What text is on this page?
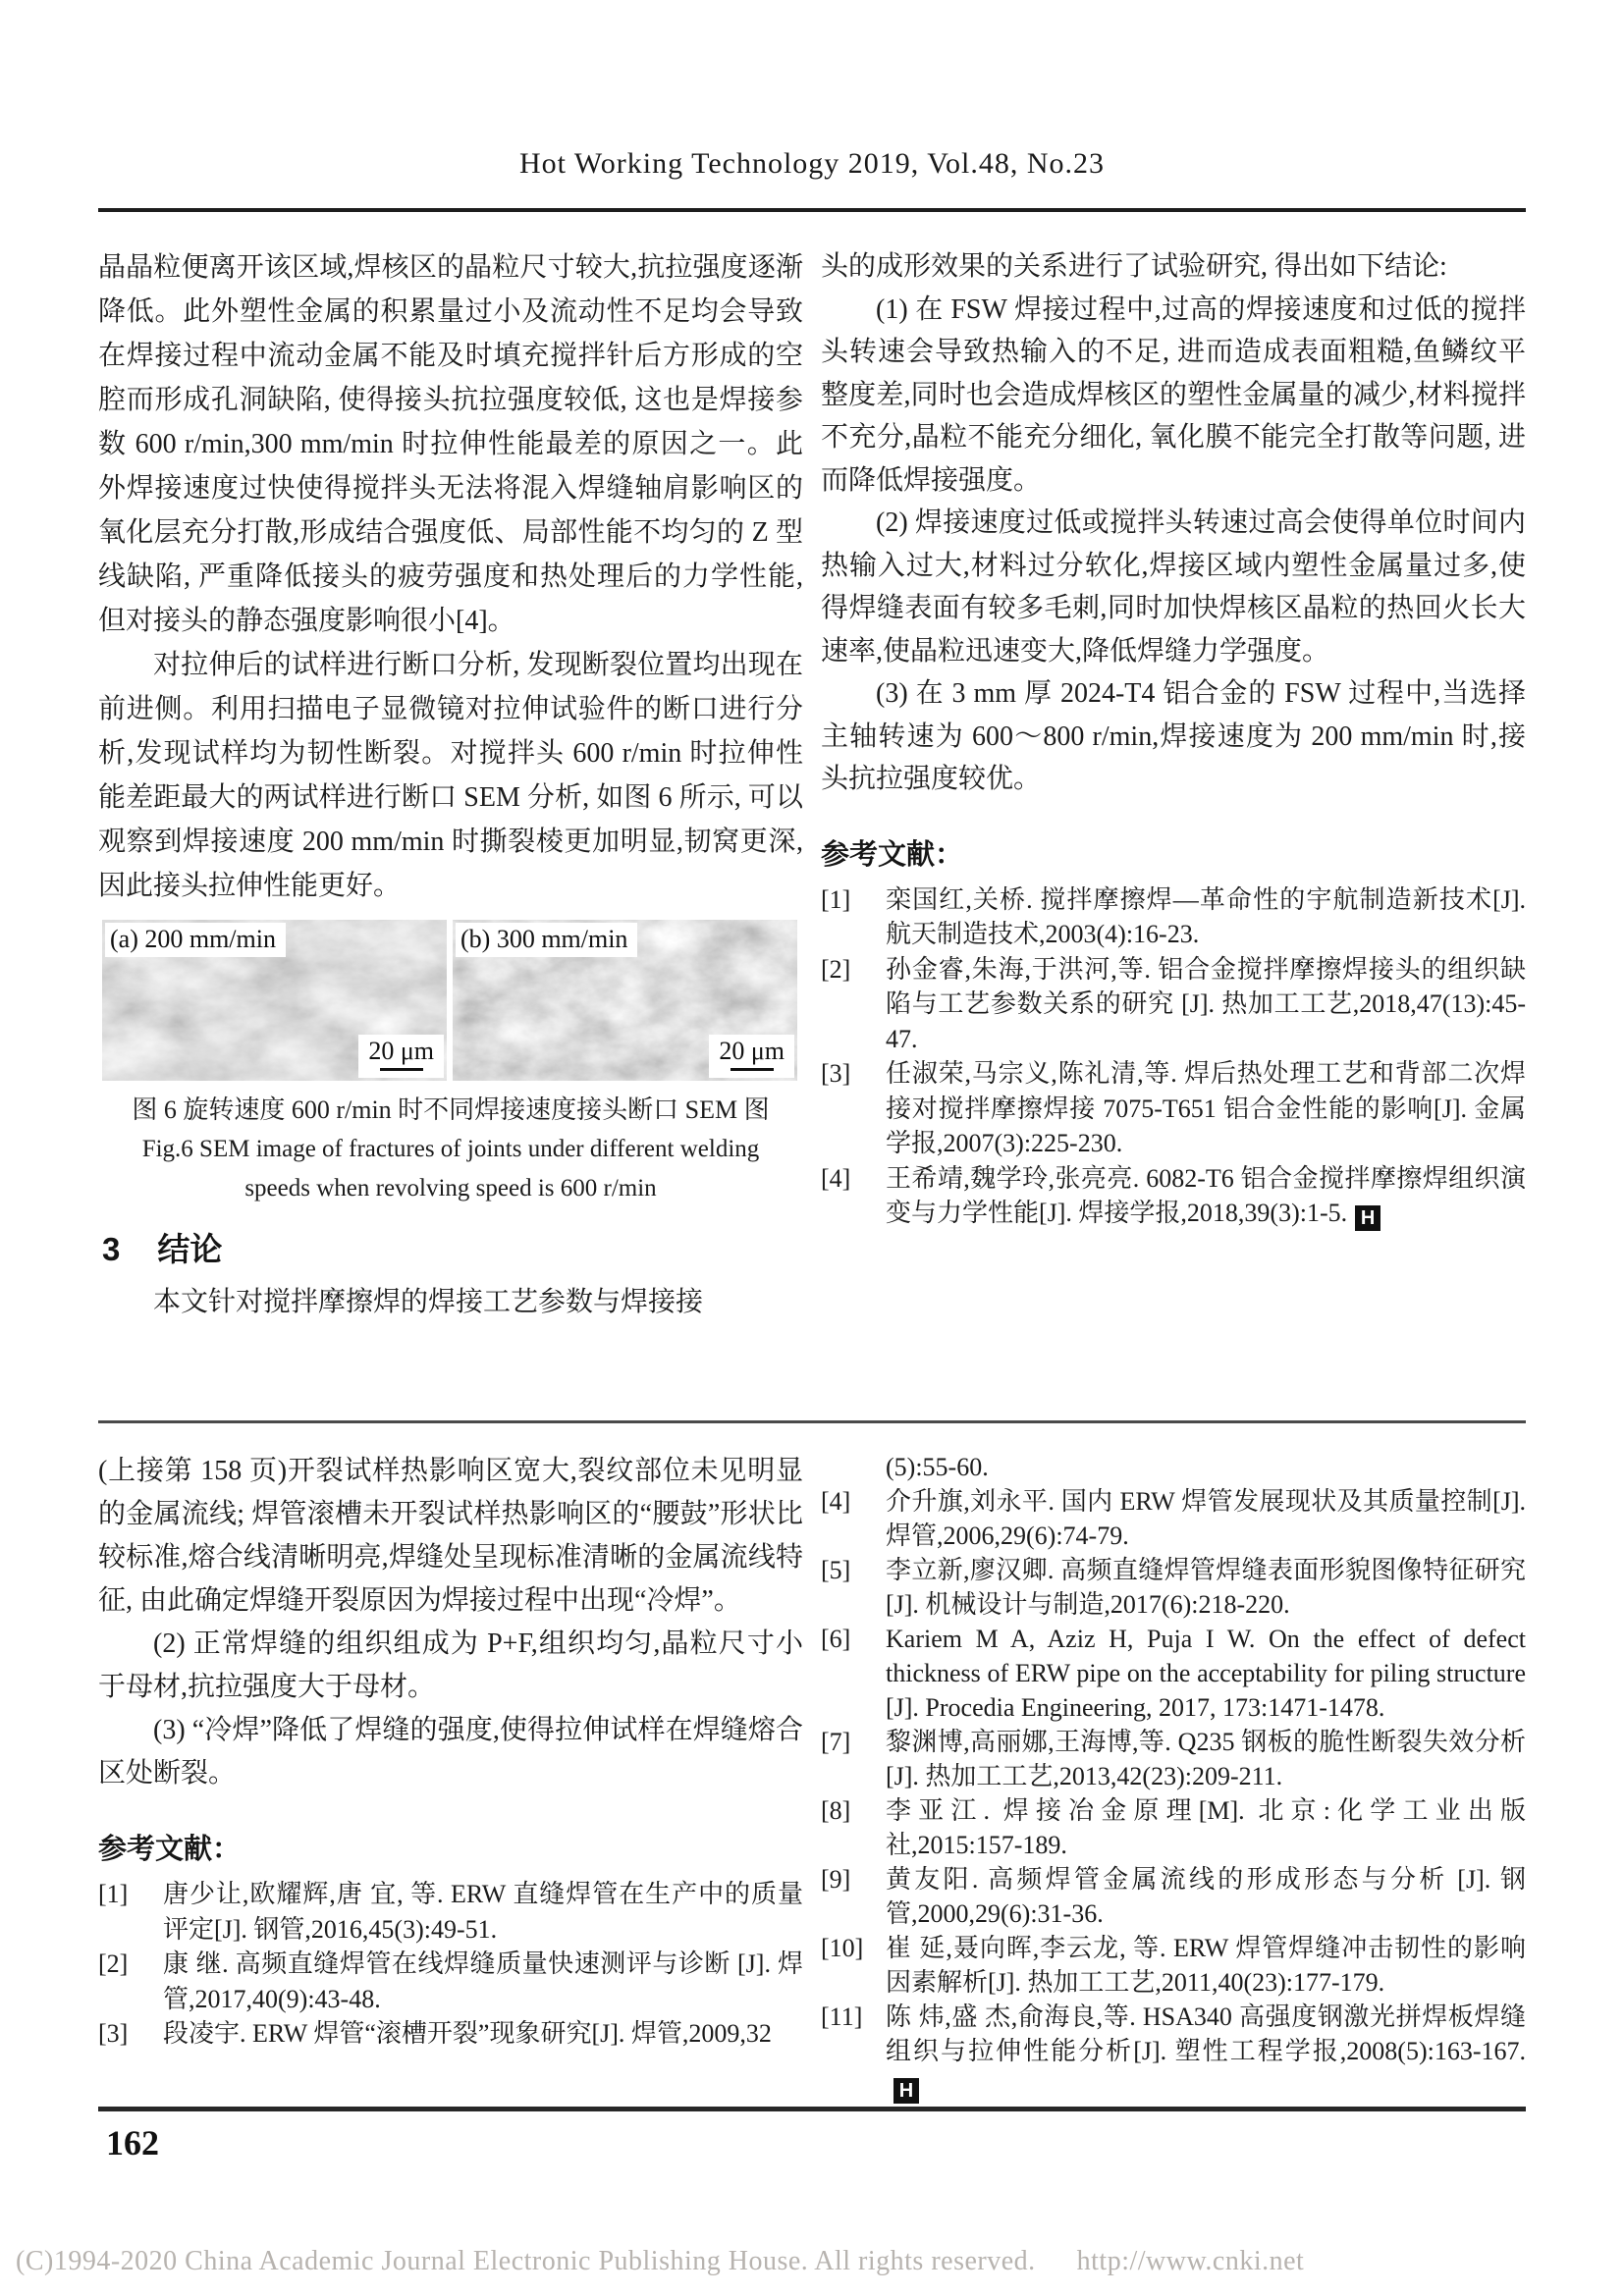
Hot Working Technology 2019, Vol.48, No.23

晶晶粒便离开该区域,焊核区的晶粒尺寸较大,抗拉强度逐渐降低。此外塑性金属的积累量过小及流动性不足均会导致在焊接过程中流动金属不能及时填充搅拌针后方形成的空腔而形成孔洞缺陷, 使得接头抗拉强度较低, 这也是焊接参数 600 r/min,300 mm/min 时拉伸性能最差的原因之一。此外焊接速度过快使得搅拌头无法将混入焊缝轴肩影响区的氧化层充分打散,形成结合强度低、局部性能不均匀的 Z 型线缺陷, 严重降低接头的疲劳强度和热处理后的力学性能,但对接头的静态强度影响很小[4]。

对拉伸后的试样进行断口分析, 发现断裂位置均出现在前进侧。利用扫描电子显微镜对拉伸试验件的断口进行分析,发现试样均为韧性断裂。对搅拌头 600 r/min 时拉伸性能差距最大的两试样进行断口 SEM 分析, 如图 6 所示, 可以观察到焊接速度 200 mm/min 时撕裂棱更加明显,韧窝更深,因此接头拉伸性能更好。

(a) 200 mm/min
20 μm
(b) 300 mm/min
20 μm
图 6 旋转速度 600 r/min 时不同焊接速度接头断口 SEM 图
Fig.6 SEM image of fractures of joints under different welding
speeds when revolving speed is 600 r/min
3 结论

本文针对搅拌摩擦焊的焊接工艺参数与焊接接

头的成形效果的关系进行了试验研究, 得出如下结论:

(1) 在 FSW 焊接过程中,过高的焊接速度和过低的搅拌头转速会导致热输入的不足, 进而造成表面粗糙,鱼鳞纹平整度差,同时也会造成焊核区的塑性金属量的减少,材料搅拌不充分,晶粒不能充分细化, 氧化膜不能完全打散等问题, 进而降低焊接强度。

(2) 焊接速度过低或搅拌头转速过高会使得单位时间内热输入过大,材料过分软化,焊接区域内塑性金属量过多,使得焊缝表面有较多毛刺,同时加快焊核区晶粒的热回火长大速率,使晶粒迅速变大,降低焊缝力学强度。

(3) 在 3 mm 厚 2024-T4 铝合金的 FSW 过程中,当选择主轴转速为 600～800 r/min,焊接速度为 200 mm/min 时,接头抗拉强度较优。

参考文献：

[1] 栾国红,关桥. 搅拌摩擦焊—革命性的宇航制造新技术[J]. 航天制造技术,2003(4):16-23.

[2] 孙金睿,朱海,于洪河,等. 铝合金搅拌摩擦焊接头的组织缺陷与工艺参数关系的研究 [J]. 热加工工艺,2018,47(13):45-47.

[3] 任淑荣,马宗义,陈礼清,等. 焊后热处理工艺和背部二次焊接对搅拌摩擦焊接 7075-T651 铝合金性能的影响[J]. 金属学报,2007(3):225-230.

[4] 王希靖,魏学玲,张亮亮. 6082-T6 铝合金搅拌摩擦焊组织演变与力学性能[J]. 焊接学报,2018,39(3):1-5. H

(上接第 158 页)开裂试样热影响区宽大,裂纹部位未见明显的金属流线; 焊管滚槽未开裂试样热影响区的“腰鼓”形状比较标准,熔合线清晰明亮,焊缝处呈现标准清晰的金属流线特征, 由此确定焊缝开裂原因为焊接过程中出现“冷焊”。

(2) 正常焊缝的组织组成为 P+F,组织均匀,晶粒尺寸小于母材,抗拉强度大于母材。

(3) “冷焊”降低了焊缝的强度,使得拉伸试样在焊缝熔合区处断裂。

参考文献：

[1] 唐少让,欧耀辉,唐 宜, 等. ERW 直缝焊管在生产中的质量评定[J]. 钢管,2016,45(3):49-51.

[2] 康 继. 高频直缝焊管在线焊缝质量快速测评与诊断 [J]. 焊管,2017,40(9):43-48.

[3] 段凌宇. ERW 焊管“滚槽开裂”现象研究[J]. 焊管,2009,32

(5):55-60.

[4] 介升旗,刘永平. 国内 ERW 焊管发展现状及其质量控制[J]. 焊管,2006,29(6):74-79.

[5] 李立新,廖汉卿. 高频直缝焊管焊缝表面形貌图像特征研究[J]. 机械设计与制造,2017(6):218-220.

[6] Kariem M A, Aziz H, Puja I W. On the effect of defect thickness of ERW pipe on the acceptability for piling structure [J]. Procedia Engineering, 2017, 173:1471-1478.

[7] 黎渊博,高丽娜,王海博,等. Q235 钢板的脆性断裂失效分析[J]. 热加工工艺,2013,42(23):209-211.

[8] 李亚江. 焊接冶金原理[M]. 北京:化学工业出版社,2015:157-189.

[9] 黄友阳. 高频焊管金属流线的形成形态与分析 [J]. 钢管,2000,29(6):31-36.

[10] 崔 延,聂向晖,李云龙, 等. ERW 焊管焊缝冲击韧性的影响因素解析[J]. 热加工工艺,2011,40(23):177-179.

[11] 陈 炜,盛 杰,俞海良,等. HSA340 高强度钢激光拼焊板焊缝组织与拉伸性能分析[J]. 塑性工程学报,2008(5):163-167.H

162
(C)1994-2020 China Academic Journal Electronic Publishing House. All rights reserved. http://www.cnki.net
